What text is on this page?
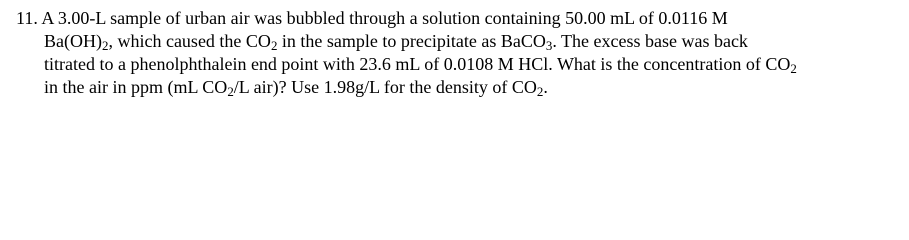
11. A 3.00-L sample of urban air was bubbled through a solution containing 50.00 mL of 0.0116 M
$Ba(OH)_2$, which caused the $CO_2$ in the sample to precipitate as BaCO$_3$. The excess base was back
titrated to a phenolphthalein end point with 23.6 mL of 0.0108 M HCl. What is the concentration of $CO_2$
in the air in ppm (mL $CO_2/L$ air)? Use 1.98g/L for the density of $CO_2$.
